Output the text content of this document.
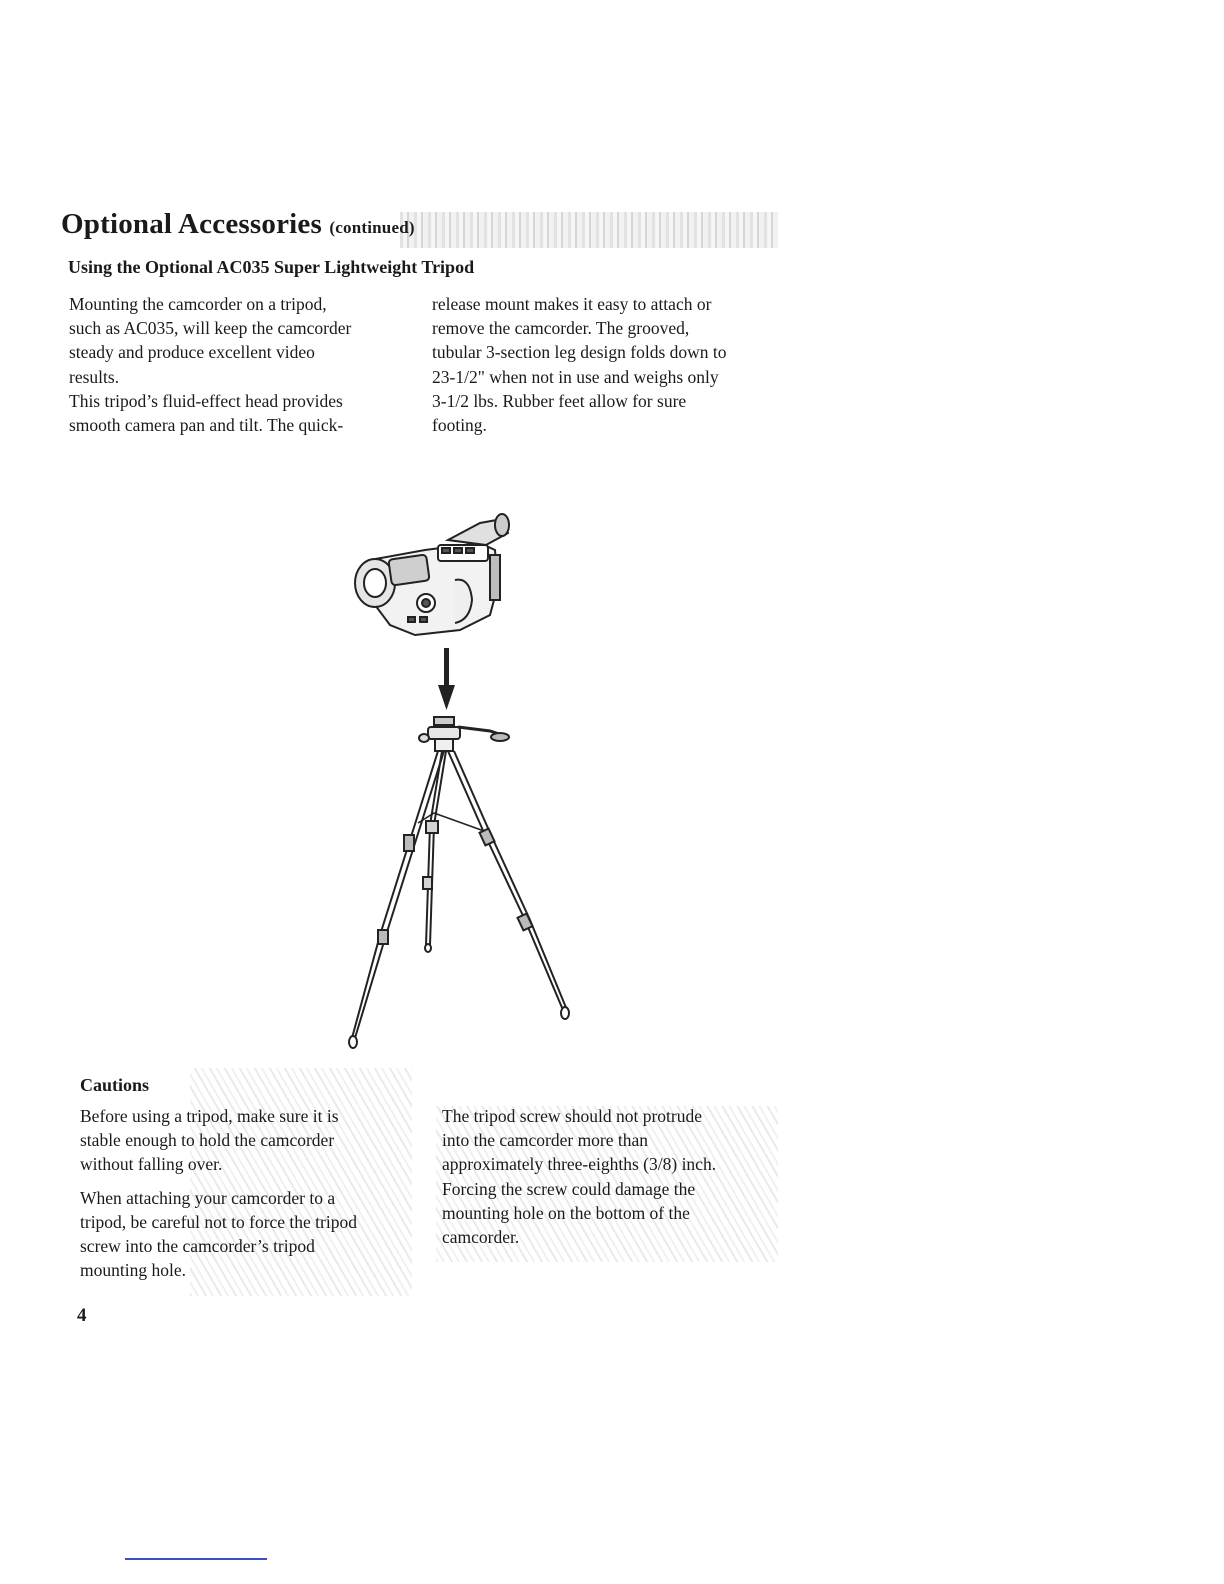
Optional Accessories (continued)
Using the Optional AC035 Super Lightweight Tripod

Mounting the camcorder on a tripod,

such as AC035, will keep the camcorder

steady and produce excellent video

results.

This tripod’s fluid-effect head provides

smooth camera pan and tilt. The quick-

release mount makes it easy to attach or

remove the camcorder. The grooved,

tubular 3-section leg design folds down to

23-1/2" when not in use and weighs only

3-1/2 lbs. Rubber feet allow for sure

footing.

Cautions

Before using a tripod, make sure it is
stable enough to hold the camcorder
without falling over.

When attaching your camcorder to a
tripod, be careful not to force the tripod
screw into the camcorder’s tripod
mounting hole.

The tripod screw should not protrude
into the camcorder more than
approximately three-eighths (3/8) inch.
Forcing the screw could damage the
mounting hole on the bottom of the
camcorder.

4
